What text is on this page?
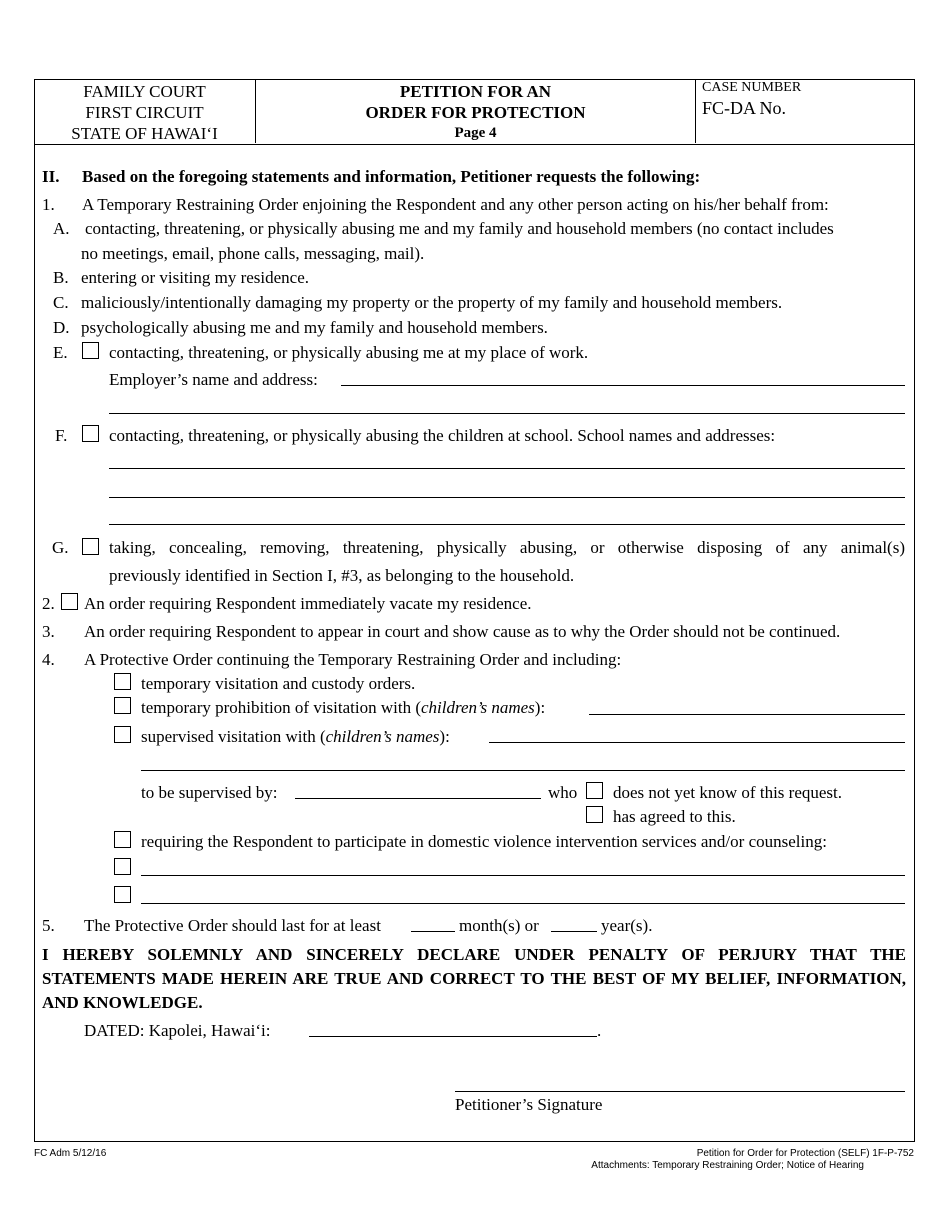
FAMILY COURT
FIRST CIRCUIT
STATE OF HAWAI‘I
PETITION FOR AN
ORDER FOR PROTECTION
Page 4
CASE NUMBER
FC-DA No.
II. Based on the foregoing statements and information, Petitioner requests the following:
1. A Temporary Restraining Order enjoining the Respondent and any other person acting on his/her behalf from:
A. contacting, threatening, or physically abusing me and my family and household members (no contact includes
no meetings, email, phone calls, messaging, mail).
B. entering or visiting my residence.
C. maliciously/intentionally damaging my property or the property of my family and household members.
D. psychologically abusing me and my family and household members.
E. contacting, threatening, or physically abusing me at my place of work.
Employer’s name and address:
F. contacting, threatening, or physically abusing the children at school. School names and addresses:
G. taking, concealing, removing, threatening, physically abusing, or otherwise disposing of any animal(s)
previously identified in Section I, #3, as belonging to the household.
2. An order requiring Respondent immediately vacate my residence.
3. An order requiring Respondent to appear in court and show cause as to why the Order should not be continued.
4. A Protective Order continuing the Temporary Restraining Order and including:
temporary visitation and custody orders.
temporary prohibition of visitation with (children’s names):
supervised visitation with (children’s names):
to be supervised by:	who does not yet know of this request.
has agreed to this.
requiring the Respondent to participate in domestic violence intervention services and/or counseling:
5. The Protective Order should last for at least	month(s) or	year(s).
I HEREBY SOLEMNLY AND SINCERELY DECLARE UNDER PENALTY OF PERJURY THAT THE STATEMENTS MADE HEREIN ARE TRUE AND CORRECT TO THE BEST OF MY BELIEF, INFORMATION, AND KNOWLEDGE.
DATED: Kapolei, Hawai‘i:	.
Petitioner’s Signature
FC Adm 5/12/16	Petition for Order for Protection (SELF) 1F-P-752
Attachments: Temporary Restraining Order; Notice of Hearing
